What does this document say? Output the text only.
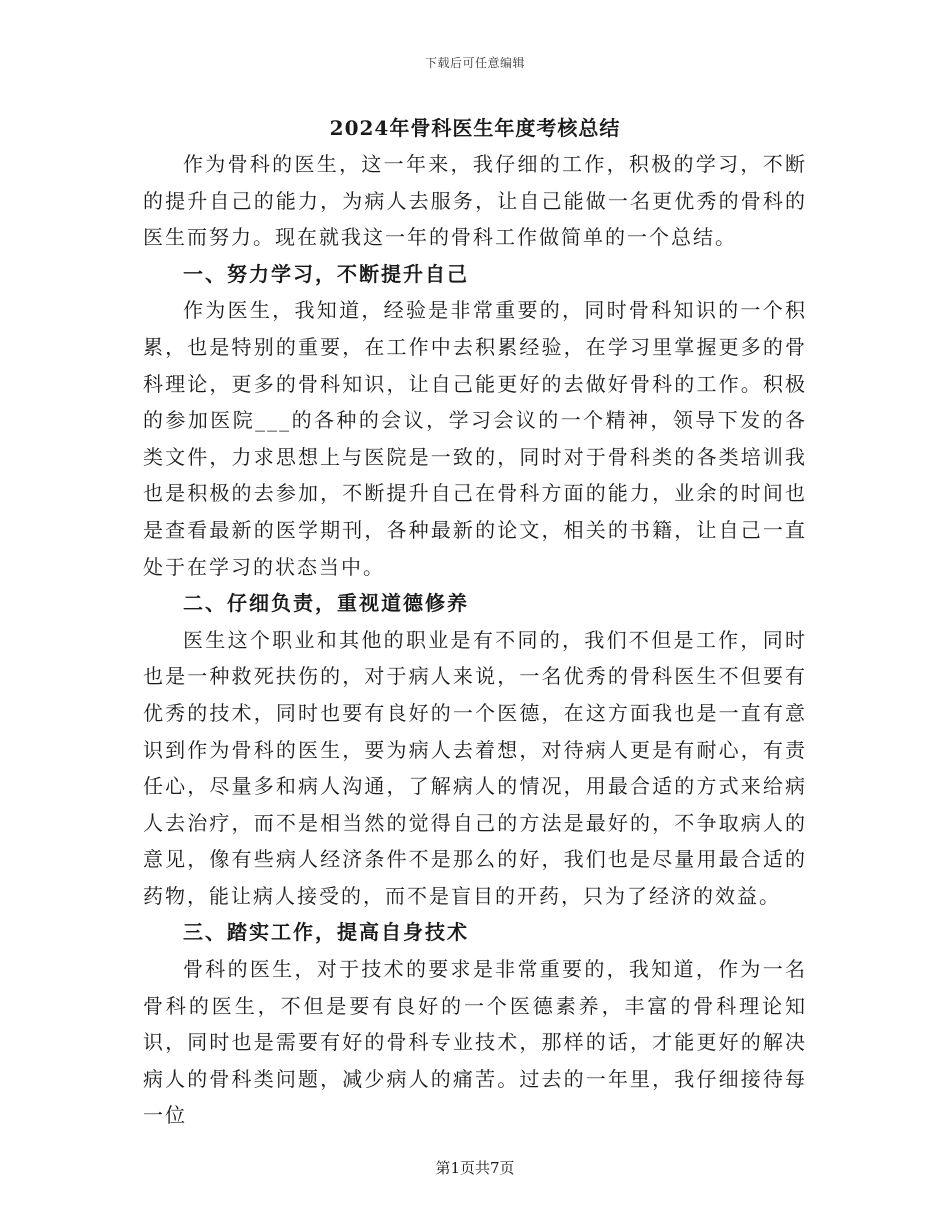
下载后可任意编辑
2024年骨科医生年度考核总结

作为骨科的医生，这一年来，我仔细的工作，积极的学习，不断的提升自己的能力，为病人去服务，让自己能做一名更优秀的骨科的医生而努力。现在就我这一年的骨科工作做简单的一个总结。

一、努力学习，不断提升自己

作为医生，我知道，经验是非常重要的，同时骨科知识的一个积累，也是特别的重要，在工作中去积累经验，在学习里掌握更多的骨科理论，更多的骨科知识，让自己能更好的去做好骨科的工作。积极的参加医院___的各种的会议，学习会议的一个精神，领导下发的各类文件，力求思想上与医院是一致的，同时对于骨科类的各类培训我也是积极的去参加，不断提升自己在骨科方面的能力，业余的时间也是查看最新的医学期刊，各种最新的论文，相关的书籍，让自己一直处于在学习的状态当中。

二、仔细负责，重视道德修养

医生这个职业和其他的职业是有不同的，我们不但是工作，同时也是一种救死扶伤的，对于病人来说，一名优秀的骨科医生不但要有优秀的技术，同时也要有良好的一个医德，在这方面我也是一直有意识到作为骨科的医生，要为病人去着想，对待病人更是有耐心，有责任心，尽量多和病人沟通，了解病人的情况，用最合适的方式来给病人去治疗，而不是相当然的觉得自己的方法是最好的，不争取病人的意见，像有些病人经济条件不是那么的好，我们也是尽量用最合适的药物，能让病人接受的，而不是盲目的开药，只为了经济的效益。

三、踏实工作，提高自身技术

骨科的医生，对于技术的要求是非常重要的，我知道，作为一名骨科的医生，不但是要有良好的一个医德素养，丰富的骨科理论知识，同时也是需要有好的骨科专业技术，那样的话，才能更好的解决病人的骨科类问题，减少病人的痛苦。过去的一年里，我仔细接待每一位

第1页共7页
